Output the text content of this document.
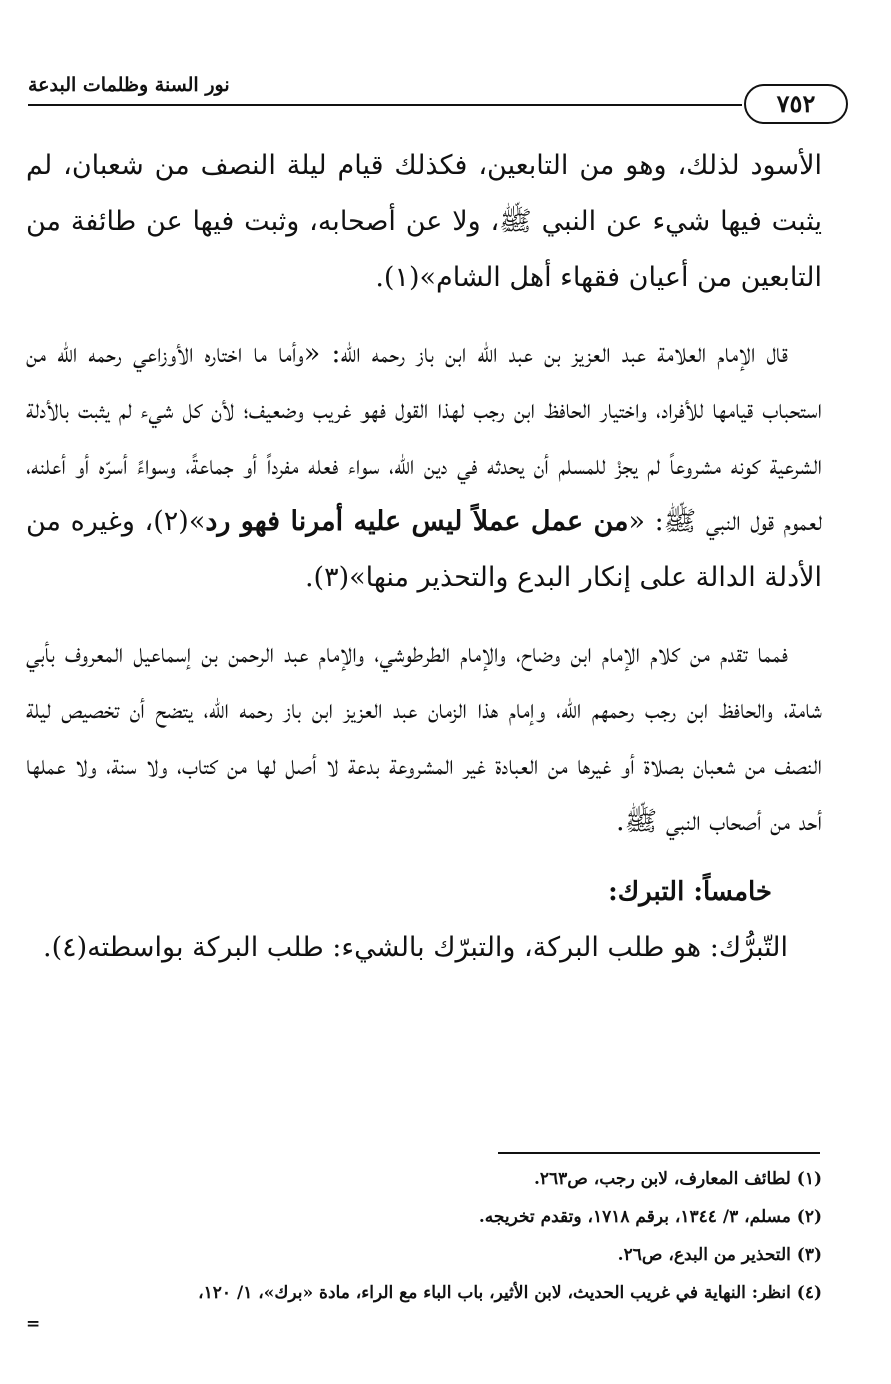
نور السنة وظلمات البدعة
٧٥٢

الأسود لذلك، وهو من التابعين، فكذلك قيام ليلة النصف من شعبان، لم يثبت فيها شيء عن النبي ﷺ، ولا عن أصحابه، وثبت فيها عن طائفة من التابعين من أعيان فقهاء أهل الشام»(١).

قال الإمام العلامة عبد العزيز بن عبد الله ابن باز رحمه الله: «وأما ما اختاره الأوزاعي رحمه الله من استحباب قيامها للأفراد، واختيار الحافظ ابن رجب لهذا القول فهو غريب وضعيف؛ لأن كل شيء لم يثبت بالأدلة الشرعية كونه مشروعاً لم يجزْ للمسلم أن يحدثه في دين الله، سواء فعله مفرداً أو جماعةً، وسواءً أسرّه أو أعلنه، لعموم قول النبي ﷺ: «من عمل عملاً ليس عليه أمرنا فهو رد»(٢)، وغيره من الأدلة الدالة على إنكار البدع والتحذير منها»(٣).

فمما تقدم من كلام الإمام ابن وضاح، والإمام الطرطوشي، والإمام عبد الرحمن بن إسماعيل المعروف بأبي شامة، والحافظ ابن رجب رحمهم الله، وإمام هذا الزمان عبد العزيز ابن باز رحمه الله، يتضح أن تخصيص ليلة النصف من شعبان بصلاة أو غيرها من العبادة غير المشروعة بدعة لا أصل لها من كتاب، ولا سنة، ولا عملها أحد من أصحاب النبي ﷺ.

خامساً: التبرك:

التّبرُّك: هو طلب البركة، والتبرّك بالشيء: طلب البركة بواسطته(٤).

(١) لطائف المعارف، لابن رجب، ص٢٦٣.

(٢) مسلم، ٣/ ١٣٤٤، برقم ١٧١٨، وتقدم تخريجه.

(٣) التحذير من البدع، ص٢٦.

(٤) انظر: النهاية في غريب الحديث، لابن الأثير، باب الباء مع الراء، مادة «برك»، ١/ ١٢٠،

=
